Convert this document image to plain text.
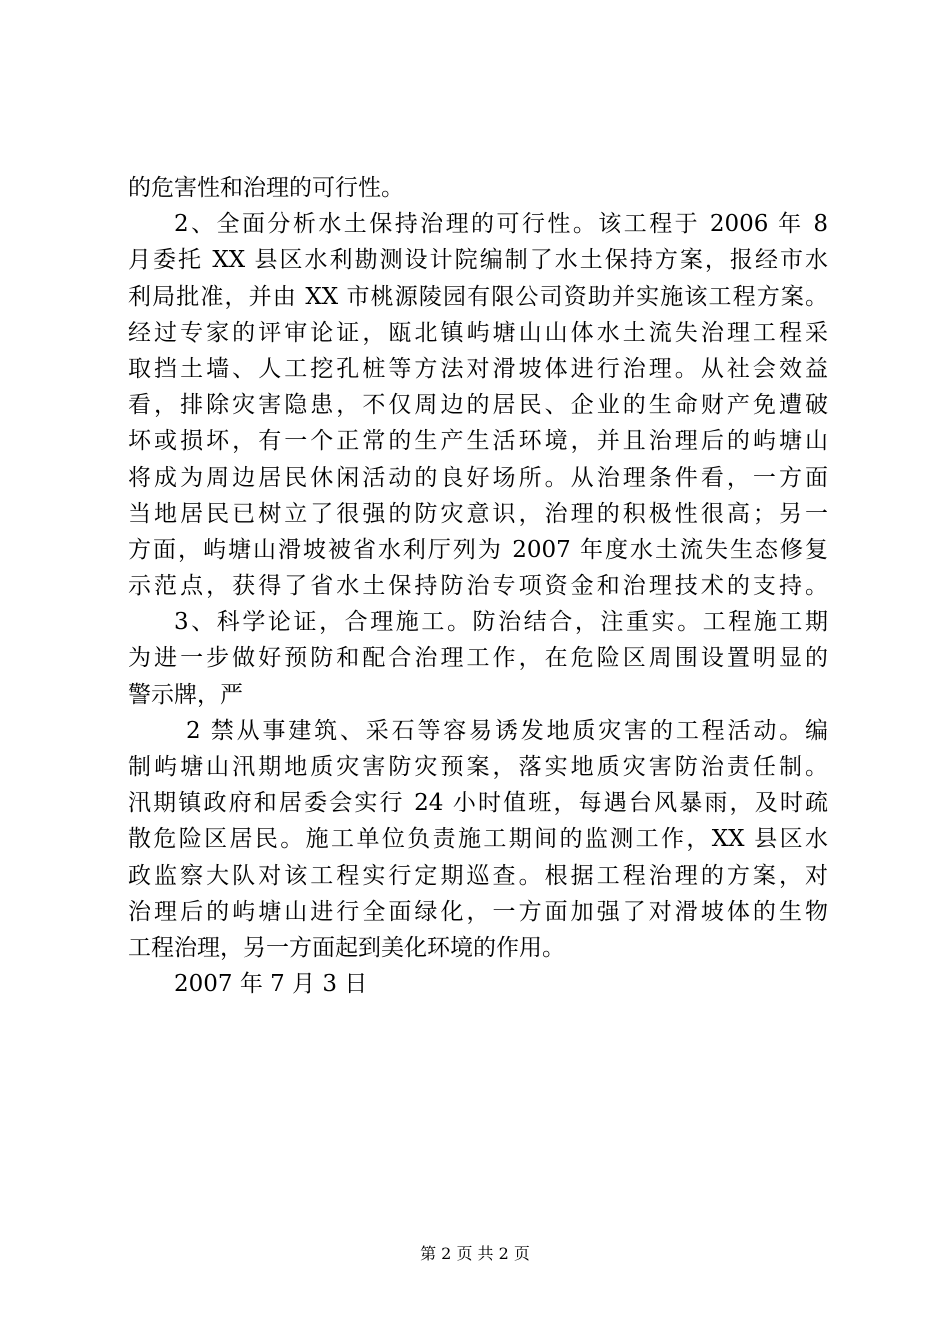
的危害性和治理的可行性。
2、全面分析水土保持治理的可行性。该工程于 2006 年 8
月委托 XX 县区水利勘测设计院编制了水土保持方案，报经市水
利局批准，并由 XX 市桃源陵园有限公司资助并实施该工程方案。
经过专家的评审论证，瓯北镇屿塘山山体水土流失治理工程采
取挡土墙、人工挖孔桩等方法对滑坡体进行治理。从社会效益
看，排除灾害隐患，不仅周边的居民、企业的生命财产免遭破
坏或损坏，有一个正常的生产生活环境，并且治理后的屿塘山
将成为周边居民休闲活动的良好场所。从治理条件看，一方面
当地居民已树立了很强的防灾意识，治理的积极性很高；另一
方面，屿塘山滑坡被省水利厅列为 2007 年度水土流失生态修复
示范点，获得了省水土保持防治专项资金和治理技术的支持。
3、科学论证，合理施工。防治结合，注重实。工程施工期
为进一步做好预防和配合治理工作，在危险区周围设置明显的
警示牌，严
2 禁从事建筑、采石等容易诱发地质灾害的工程活动。编
制屿塘山汛期地质灾害防灾预案，落实地质灾害防治责任制。
汛期镇政府和居委会实行 24 小时值班，每遇台风暴雨，及时疏
散危险区居民。施工单位负责施工期间的监测工作，XX 县区水
政监察大队对该工程实行定期巡查。根据工程治理的方案，对
治理后的屿塘山进行全面绿化，一方面加强了对滑坡体的生物
工程治理，另一方面起到美化环境的作用。
2007 年 7 月 3 日
第 2 页 共 2 页
